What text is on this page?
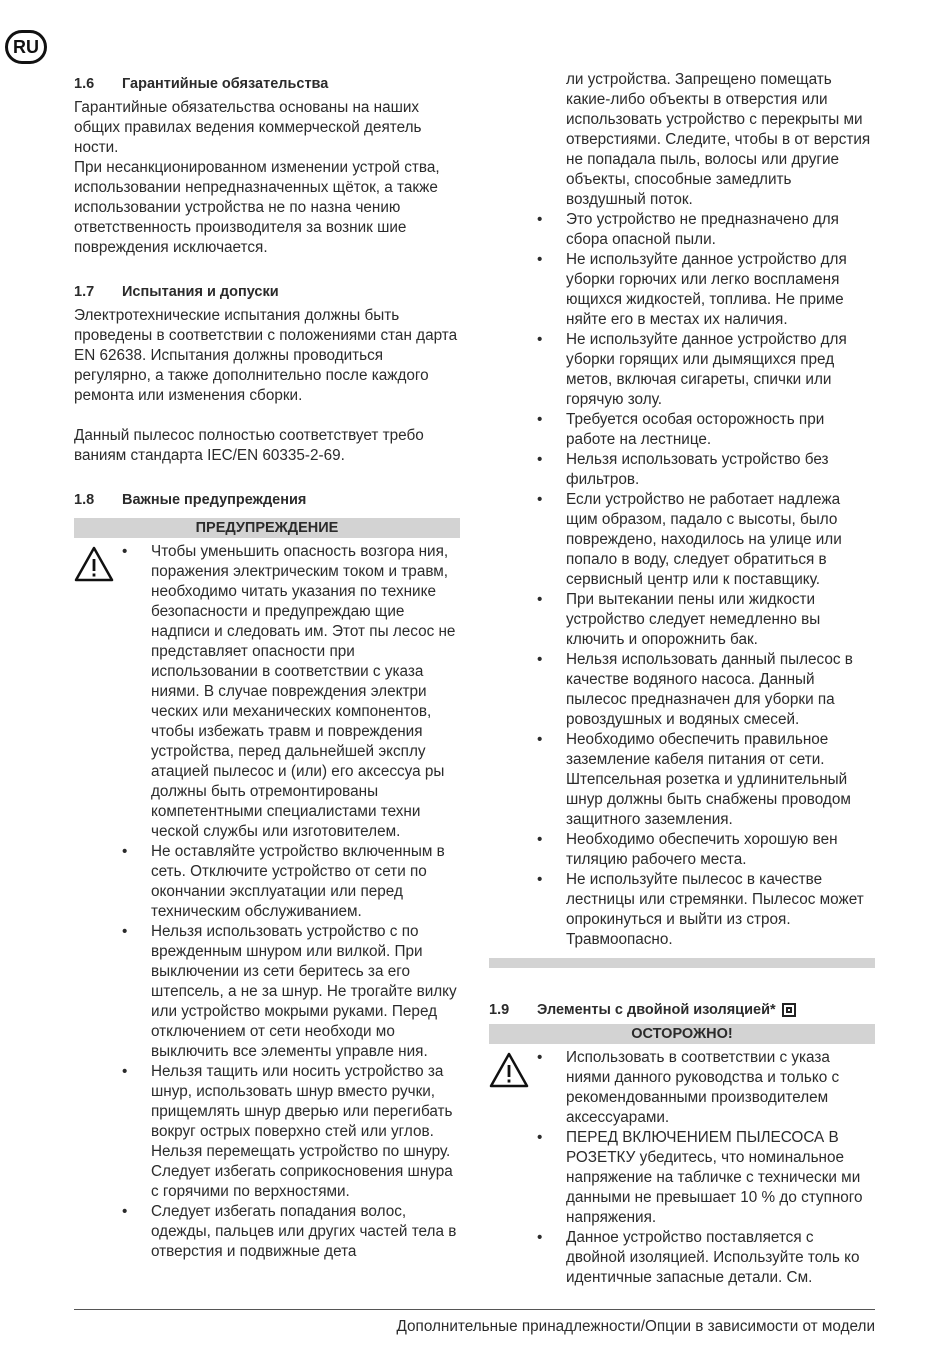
RU
1.6	Гарантийные обязательства

Гарантийные обязательства основаны на наших общих правилах ведения коммерческой деятель ности.

При несанкционированном изменении устрой ства, использовании непредназначенных щёток, а также использовании устройства не по назна чению ответственность производителя за возник шие повреждения исключается.

1.7	Испытания и допуски

Электротехнические испытания должны быть проведены в соответствии с положениями стан дарта EN 62638. Испытания должны проводиться регулярно, а также дополнительно после каждого ремонта или изменения сборки.

Данный пылесос полностью соответствует требо ваниям стандарта IEC/EN 60335-2-69.

1.8	Важные предупреждения
ПРЕДУПРЕЖДЕНИЕ
• Чтобы уменьшить опасность возгора ния, поражения электрическим током и травм, необходимо читать указания по технике безопасности и предупреждаю щие надписи и следовать им. Этот пы лесос не представляет опасности при использовании в соответствии с указа ниями. В случае повреждения электри ческих или механических компонентов, чтобы избежать травм и повреждения устройства, перед дальнейшей эксплу атацией пылесос и (или) его аксессуа ры должны быть отремонтированы компетентными специалистами техни ческой службы или изготовителем.
• Не оставляйте устройство включенным в сеть. Отключите устройство от сети по окончании эксплуатации или перед техническим обслуживанием.
• Нельзя использовать устройство с по врежденным шнуром или вилкой. При выключении из сети беритесь за его штепсель, а не за шнур. Не трогайте вилку или устройство мокрыми руками. Перед отключением от сети необходи мо выключить все элементы управле ния.
• Нельзя тащить или носить устройство за шнур, использовать шнур вместо ручки, прищемлять шнур дверью или перегибать вокруг острых поверхно стей или углов. Нельзя перемещать устройство по шнуру. Следует избегать соприкосновения шнура с горячими по верхностями.
• Следует избегать попадания волос, одежды, пальцев или других частей тела в отверстия и подвижные дета
ли устройства. Запрещено помещать какие-либо объекты в отверстия или использовать устройство с перекрыты ми отверстиями. Следите, чтобы в от верстия не попадала пыль, волосы или другие объекты, способные замедлить воздушный поток.
• Это устройство не предназначено для сбора опасной пыли.
• Не используйте данное устройство для уборки горючих или легко воспламеня ющихся жидкостей, топлива. Не приме няйте его в местах их наличия.
• Не используйте данное устройство для уборки горящих или дымящихся пред метов, включая сигареты, спички или горячую золу.
• Требуется особая осторожность при работе на лестнице.
• Нельзя использовать устройство без фильтров.
• Если устройство не работает надлежа щим образом, падало с высоты, было повреждено, находилось на улице или попало в воду, следует обратиться в сервисный центр или к поставщику.
• При вытекании пены или жидкости устройство следует немедленно вы ключить и опорожнить бак.
• Нельзя использовать данный пылесос в качестве водяного насоса. Данный пылесос предназначен для уборки па ровоздушных и водяных смесей.
• Необходимо обеспечить правильное заземление кабеля питания от сети. Штепсельная розетка и удлинительный шнур должны быть снабжены проводом защитного заземления.
• Необходимо обеспечить хорошую вен тиляцию рабочего места.
• Не используйте пылесос в качестве лестницы или стремянки. Пылесос может опрокинуться и выйти из строя. Травмоопасно.
1.9	Элементы с двойной изоляцией*
ОСТОРОЖНО!
• Использовать в соответствии с указа ниями данного руководства и только с рекомендованными производителем аксессуарами.
• ПЕРЕД ВКЛЮЧЕНИЕМ ПЫЛЕСОСА В РОЗЕТКУ убедитесь, что номинальное напряжение на табличке с технически ми данными не превышает 10 % до ступного напряжения.
• Данное устройство поставляется с двойной изоляцией. Используйте толь ко идентичные запасные детали. См.
Дополнительные принадлежности/Опции в зависимости от модели
